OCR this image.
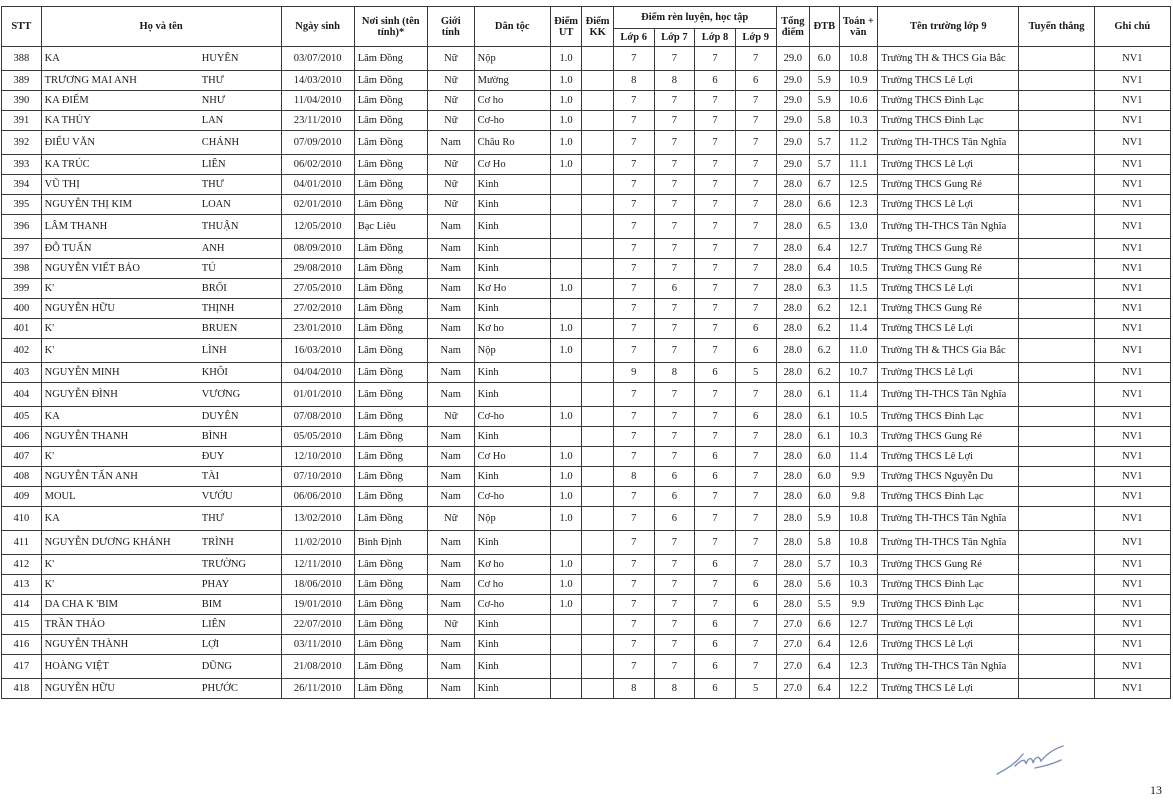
STT	Họ và tên		Ngày sinh	Nơi sinh (tên tỉnh)*	Giới tính	Dân tộc	Điểm UT	Điểm KK	Điểm rèn luyện, học tập				Tổng điểm	ĐTB	Toán + văn	Tên trường lớp 9	Tuyển thẳng	Ghi chú
									Lớp 6	Lớp 7	Lớp 8	Lớp 9						
388	KA	HUYÊN	03/07/2010	Lâm Đồng	Nữ	Nộp	1.0		7	7	7	7	29.0	6.0	10.8	Trường TH & THCS Gia Bắc		NV1
389	TRƯƠNG MAI ANH	THƯ	14/03/2010	Lâm Đồng	Nữ	Mường	1.0		8	8	6	6	29.0	5.9	10.9	Trường THCS Lê Lợi		NV1
390	KA ĐIỂM	NHƯ	11/04/2010	Lâm Đồng	Nữ	Cơ ho	1.0		7	7	7	7	29.0	5.9	10.6	Trường THCS Đinh Lạc		NV1
391	KA THỦY	LAN	23/11/2010	Lâm Đồng	Nữ	Cơ-ho	1.0		7	7	7	7	29.0	5.8	10.3	Trường THCS Đinh Lạc		NV1
392	ĐIỂU VĂN	CHÁNH	07/09/2010	Lâm Đồng	Nam	Châu Ro	1.0		7	7	7	7	29.0	5.7	11.2	Trường TH-THCS Tân Nghĩa		NV1
393	KA TRÚC	LIÊN	06/02/2010	Lâm Đồng	Nữ	Cơ Ho	1.0		7	7	7	7	29.0	5.7	11.1	Trường THCS Lê Lợi		NV1
394	VŨ THỊ	THƯ	04/01/2010	Lâm Đồng	Nữ	Kinh			7	7	7	7	28.0	6.7	12.5	Trường THCS Gung Ré		NV1
395	NGUYỄN THỊ KIM	LOAN	02/01/2010	Lâm Đồng	Nữ	Kinh			7	7	7	7	28.0	6.6	12.3	Trường THCS Lê Lợi		NV1
396	LÂM THANH	THUẬN	12/05/2010	Bạc Liêu	Nam	Kinh			7	7	7	7	28.0	6.5	13.0	Trường TH-THCS Tân Nghĩa		NV1
397	ĐỖ TUẤN	ANH	08/09/2010	Lâm Đồng	Nam	Kinh			7	7	7	7	28.0	6.4	12.7	Trường THCS Gung Ré		NV1
398	NGUYỄN VIẾT BẢO	TÚ	29/08/2010	Lâm Đồng	Nam	Kinh			7	7	7	7	28.0	6.4	10.5	Trường THCS Gung Ré		NV1
399	K'	BRỐI	27/05/2010	Lâm Đồng	Nam	Kơ Ho	1.0		7	6	7	7	28.0	6.3	11.5	Trường THCS Lê Lợi		NV1
400	NGUYỄN HỮU	THỊNH	27/02/2010	Lâm Đồng	Nam	Kinh			7	7	7	7	28.0	6.2	12.1	Trường THCS Gung Ré		NV1
401	K'	BRUEN	23/01/2010	Lâm Đồng	Nam	Kơ ho	1.0		7	7	7	6	28.0	6.2	11.4	Trường THCS Lê Lợi		NV1
402	K'	LÌNH	16/03/2010	Lâm Đồng	Nam	Nộp	1.0		7	7	7	6	28.0	6.2	11.0	Trường TH & THCS Gia Bắc		NV1
403	NGUYỄN MINH	KHÔI	04/04/2010	Lâm Đồng	Nam	Kinh			9	8	6	5	28.0	6.2	10.7	Trường THCS Lê Lợi		NV1
404	NGUYỄN ĐÌNH	VƯƠNG	01/01/2010	Lâm Đồng	Nam	Kinh			7	7	7	7	28.0	6.1	11.4	Trường TH-THCS Tân Nghĩa		NV1
405	KA	DUYÊN	07/08/2010	Lâm Đồng	Nữ	Cơ-ho	1.0		7	7	7	6	28.0	6.1	10.5	Trường THCS Đinh Lạc		NV1
406	NGUYỄN THANH	BÌNH	05/05/2010	Lâm Đồng	Nam	Kinh			7	7	7	7	28.0	6.1	10.3	Trường THCS Gung Ré		NV1
407	K'	ĐUY	12/10/2010	Lâm Đồng	Nam	Cơ Ho	1.0		7	7	6	7	28.0	6.0	11.4	Trường THCS Lê Lợi		NV1
408	NGUYỄN TẤN ANH	TÀI	07/10/2010	Lâm Đồng	Nam	Kinh	1.0		8	6	6	7	28.0	6.0	9.9	Trường THCS Nguyễn Du		NV1
409	MOUL	VƯỚU	06/06/2010	Lâm Đồng	Nam	Cơ-ho	1.0		7	6	7	7	28.0	6.0	9.8	Trường THCS Đinh Lạc		NV1
410	KA	THƯ	13/02/2010	Lâm Đồng	Nữ	Nộp	1.0		7	6	7	7	28.0	5.9	10.8	Trường TH-THCS Tân Nghĩa		NV1
411	NGUYỄN DƯƠNG KHÁNH	TRÌNH	11/02/2010	Bình Định	Nam	Kinh			7	7	7	7	28.0	5.8	10.8	Trường TH-THCS Tân Nghĩa		NV1
412	K'	TRƯỜNG	12/11/2010	Lâm Đồng	Nam	Kơ ho	1.0		7	7	6	7	28.0	5.7	10.3	Trường THCS Gung Ré		NV1
413	K'	PHAY	18/06/2010	Lâm Đồng	Nam	Cơ ho	1.0		7	7	7	6	28.0	5.6	10.3	Trường THCS Đinh Lạc		NV1
414	DA CHA K 'BIM	BIM	19/01/2010	Lâm Đồng	Nam	Cơ-ho	1.0		7	7	7	6	28.0	5.5	9.9	Trường THCS Đinh Lạc		NV1
415	TRẦN THẢO	LIÊN	22/07/2010	Lâm Đồng	Nữ	Kinh			7	7	6	7	27.0	6.6	12.7	Trường THCS Lê Lợi		NV1
416	NGUYỄN THÀNH	LỢI	03/11/2010	Lâm Đồng	Nam	Kinh			7	7	6	7	27.0	6.4	12.6	Trường THCS Lê Lợi		NV1
417	HOÀNG VIỆT	DŨNG	21/08/2010	Lâm Đồng	Nam	Kinh			7	7	6	7	27.0	6.4	12.3	Trường TH-THCS Tân Nghĩa		NV1
418	NGUYỄN HỮU	PHƯỚC	26/11/2010	Lâm Đồng	Nam	Kinh			8	8	6	5	27.0	6.4	12.2	Trường THCS Lê Lợi		NV1
13
